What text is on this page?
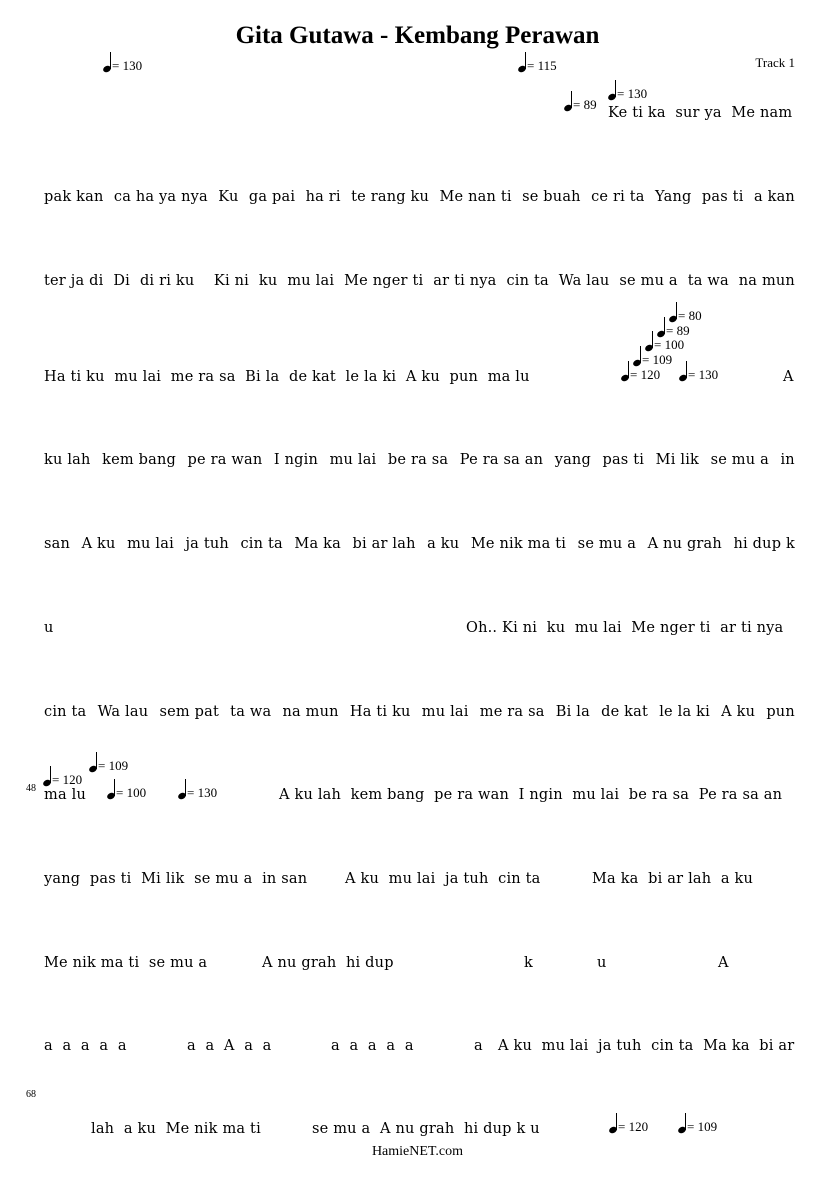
Gita Gutawa - Kembang Perawan
Track 1
= 130	= 115
= 89
= 130
= 80
= 89
= 100
= 109
= 120	= 130
= 109
= 120
= 100	= 130
= 120	= 109
48
68
Ke ti ka  sur ya  Me nam
pak kan ca ha ya nya Ku ga pai ha ri te rang ku Me nan ti se buah ce ri ta Yang pas ti a kan
ter ja di Di di ri ku Ki ni ku mu lai Me nger ti ar ti nya cin ta Wa lau se mu a ta wa na mun
Ha ti ku  mu lai  me ra sa  Bi la  de kat  le la ki  A ku  pun  ma lu	A
ku lah kem bang pe ra wan I ngin mu lai be ra sa Pe ra sa an yang pas ti Mi lik se mu a in
san A ku mu lai ja tuh cin ta Ma ka bi ar lah a ku Me nik ma ti se mu a A nu grah hi dup k
u	Oh.. Ki ni  ku  mu lai  Me nger ti  ar ti nya
cin ta Wa lau sem pat ta wa na mun Ha ti ku mu lai me ra sa Bi la de kat le la ki A ku pun
ma lu	A ku lah  kem bang  pe ra wan  I ngin  mu lai  be ra sa  Pe ra sa an
yang  pas ti  Mi lik  se mu a  in san	A ku  mu lai  ja tuh  cin ta	Ma ka  bi ar lah  a ku
Me nik ma ti  se mu a	A nu grah  hi dup	k	u	A
a  a  a  a  a	a  a  A  a  a	a  a  a  a  a	a A ku  mu lai  ja tuh  cin ta  Ma ka  bi ar
lah  a ku  Me nik ma ti	se mu a  A nu grah  hi dup k u
HamieNET.com
